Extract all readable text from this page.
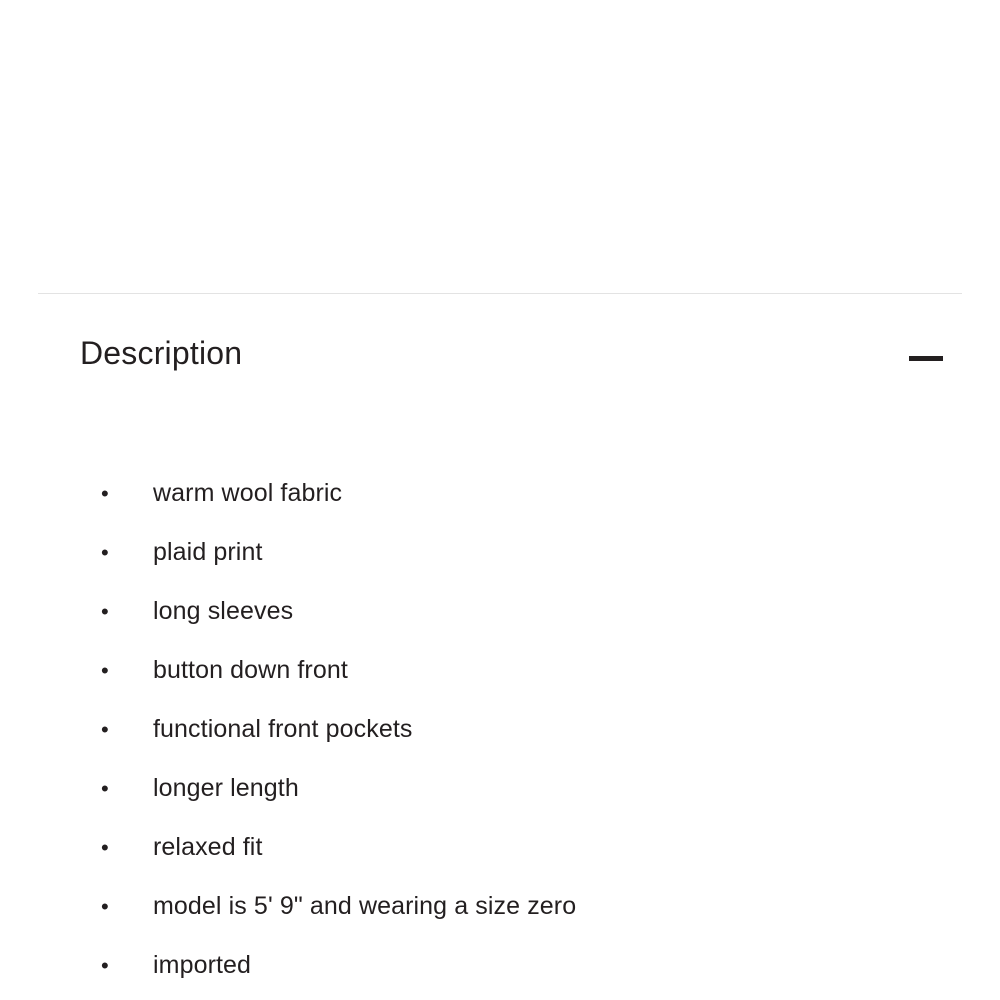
Description
• warm wool fabric
• plaid print
• long sleeves
• button down front
• functional front pockets
• longer length
• relaxed fit
• model is 5' 9" and wearing a size zero
• imported
